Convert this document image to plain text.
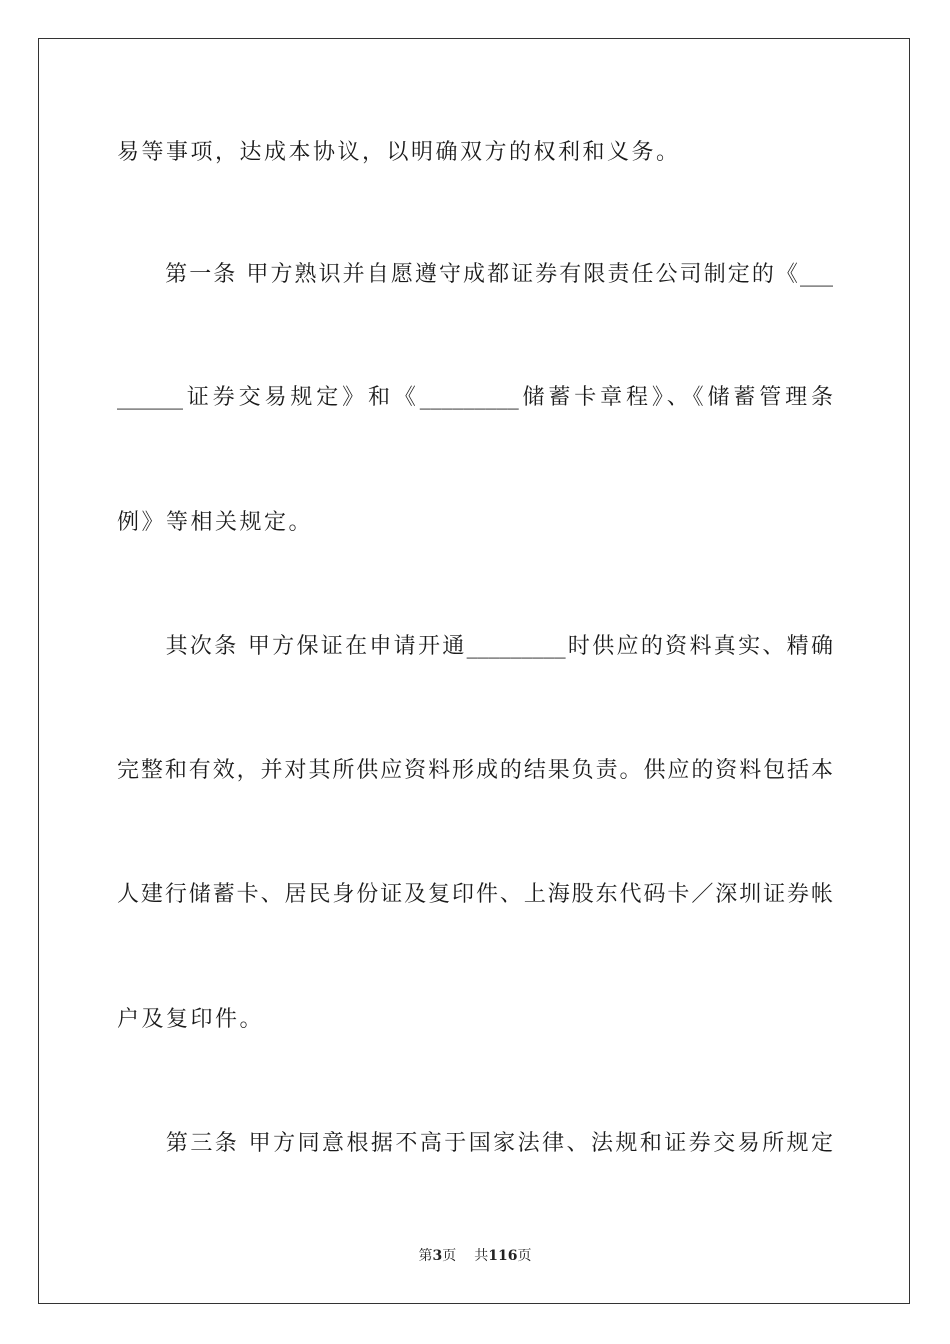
易等事项，达成本协议，以明确双方的权利和义务。
　　第一条 甲方熟识并自愿遵守成都证券有限责任公司制定的《___
______证券交易规定》和《_________储蓄卡章程》、《储蓄管理条
例》等相关规定。
　　其次条 甲方保证在申请开通_________时供应的资料真实、精确
完整和有效，并对其所供应资料形成的结果负责。供应的资料包括本
人建行储蓄卡、居民身份证及复印件、上海股东代码卡／深圳证券帐
户及复印件。
　　第三条 甲方同意根据不高于国家法律、法规和证券交易所规定
第3页 共116页
